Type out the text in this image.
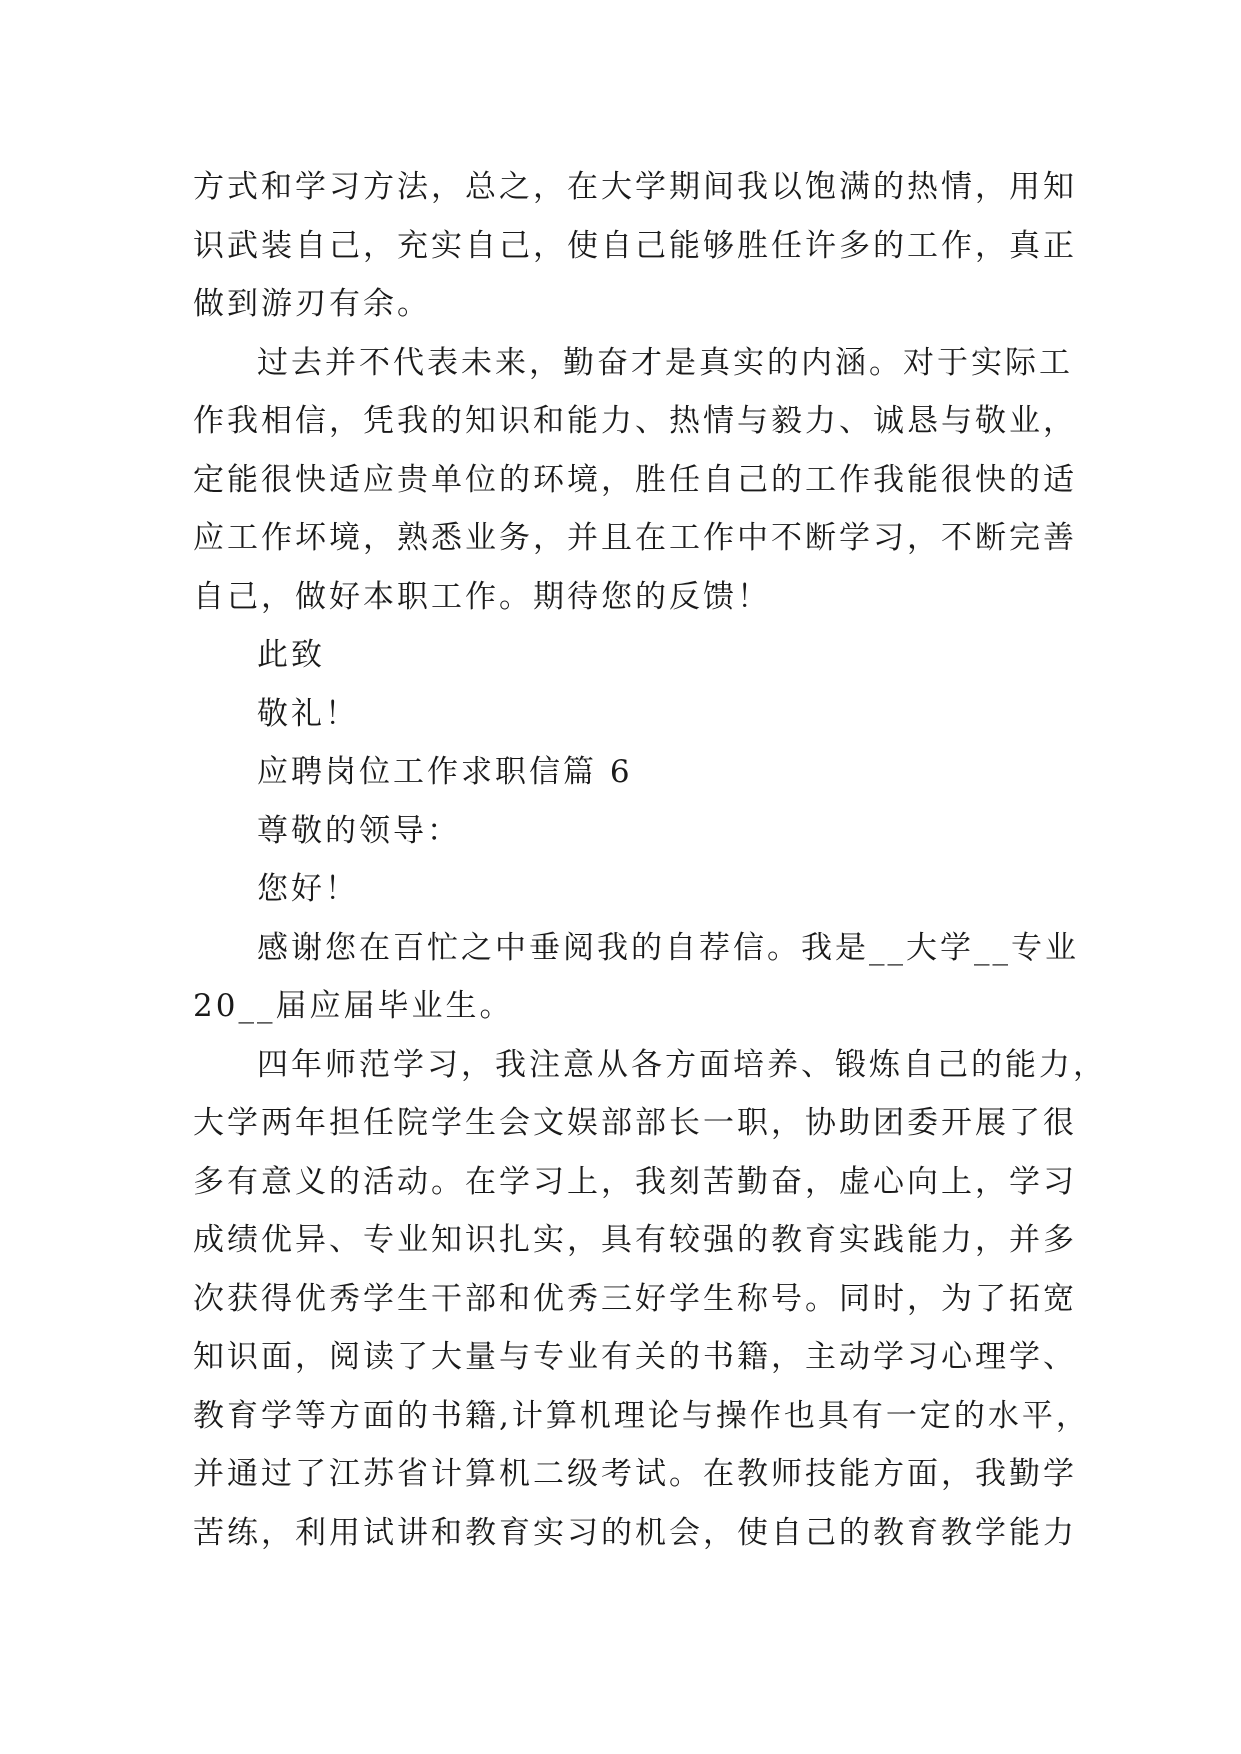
方式和学习方法，总之，在大学期间我以饱满的热情，用知
识武装自己，充实自己，使自己能够胜任许多的工作，真正
做到游刃有余。
过去并不代表未来，勤奋才是真实的内涵。对于实际工
作我相信，凭我的知识和能力、热情与毅力、诚恳与敬业，
定能很快适应贵单位的环境，胜任自己的工作我能很快的适
应工作坏境，熟悉业务，并且在工作中不断学习，不断完善
自己，做好本职工作。期待您的反馈！
此致
敬礼！
应聘岗位工作求职信篇 6
尊敬的领导：
您好！
感谢您在百忙之中垂阅我的自荐信。我是__大学__专业
20__届应届毕业生。
四年师范学习，我注意从各方面培养、锻炼自己的能力，
大学两年担任院学生会文娱部部长一职，协助团委开展了很
多有意义的活动。在学习上，我刻苦勤奋，虚心向上，学习
成绩优异、专业知识扎实，具有较强的教育实践能力，并多
次获得优秀学生干部和优秀三好学生称号。同时，为了拓宽
知识面，阅读了大量与专业有关的书籍，主动学习心理学、
教育学等方面的书籍,计算机理论与操作也具有一定的水平，
并通过了江苏省计算机二级考试。在教师技能方面，我勤学
苦练，利用试讲和教育实习的机会，使自己的教育教学能力
